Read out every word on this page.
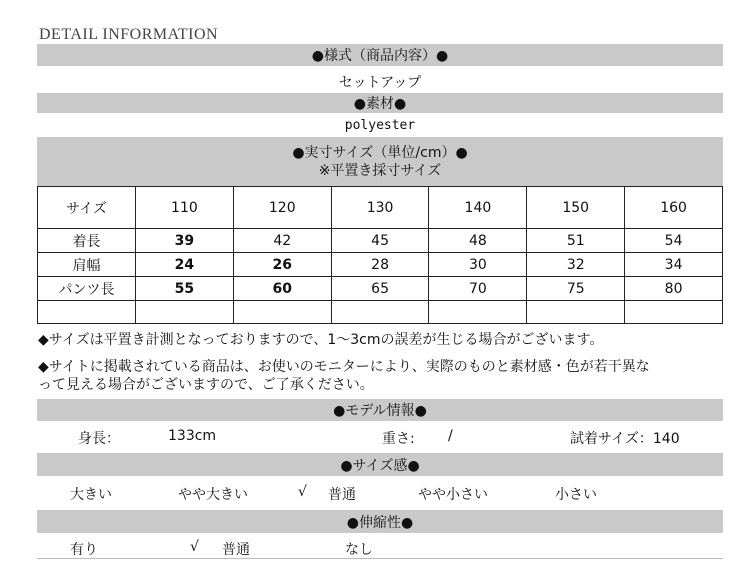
DETAIL INFORMATION
●様式（商品内容）●
セットアップ
●素材●
polyester
●実寸サイズ（単位/cm）●
※平置き採寸サイズ
サイズ	110	120	130	140	150	160
着長	39	42	45	48	51	54
肩幅	24	26	28	30	32	34
パンツ長	55	60	65	70	75	80

◆サイズは平置き計測となっておりますので、1～3cmの誤差が生じる場合がございます。
◆サイトに掲載されている商品は、お使いのモニターにより、実際のものと素材感・色が若干異な
って見える場合がございますので、ご了承ください。
●モデル情報●
身長：	133cm	重さ: /	試着サイズ：140
●サイズ感●
大きい	やや大きい	√ 普通	やや小さい	小さい
●伸縮性●
有り	√ 普通	なし
